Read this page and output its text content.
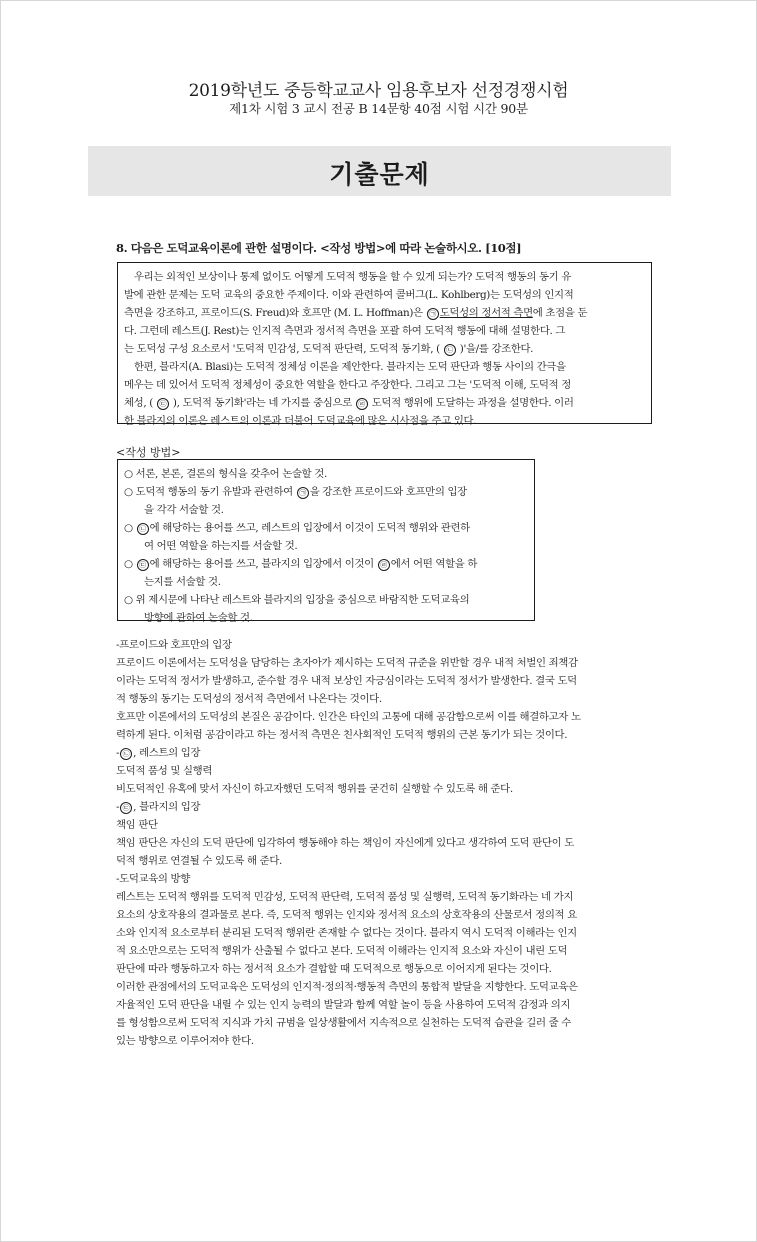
2019학년도 중등학교교사 임용후보자 선정경쟁시험
제1차 시험 3 교시 전공 B 14문항 40점 시험 시간 90분
기출문제
8. 다음은 도덕교육이론에 관한 설명이다. <작성 방법>에 따라 논술하시오. [10점]
우리는 외적인 보상이나 통제 없이도 어떻게 도덕적 행동을 할 수 있게 되는가? 도덕적 행동의 동기 유
발에 관한 문제는 도덕 교육의 중요한 주제이다. 이와 관련하여 콜버그(L. Kohlberg)는 도덕성의 인지적
측면을 강조하고, 프로이드(S. Freud)와 호프만 (M. L. Hoffman)은 ㉠ 도덕성의 정서적 측면에 초점을 둔
다. 그런데 레스트(J. Rest)는 인지적 측면과 정서적 측면을 포괄 하여 도덕적 행동에 대해 설명한다. 그
는 도덕성 구성 요소로서 '도덕적 민감성, 도덕적 판단력, 도덕적 동기화, ( ㉡ )'을/를 강조한다.
한편, 블라지(A. Blasi)는 도덕적 정체성 이론을 제안한다. 블라지는 도덕 판단과 행동 사이의 간극을
메우는 데 있어서 도덕적 정체성이 중요한 역할을 한다고 주장한다. 그리고 그는 '도덕적 이해, 도덕적 정
체성, ( ㉢ ), 도덕적 동기화'라는 네 가지를 중심으로 ㉣ 도덕적 행위에 도달하는 과정을 설명한다. 이러
한 블라지의 이론은 레스트의 이론과 더불어 도덕교육에 많은 시사점을 주고 있다.
<작성 방법>
○ 서론, 본론, 결론의 형식을 갖추어 논술할 것.
○ 도덕적 행동의 동기 유발과 관련하여 ㉠ 을 강조한 프로이드와 호프만의 입장
을 각각 서술할 것.
○ ㉡ 에 해당하는 용어를 쓰고, 레스트의 입장에서 이것이 도덕적 행위와 관련하
여 어떤 역할을 하는지를 서술할 것.
○ ㉢ 에 해당하는 용어를 쓰고, 블라지의 입장에서 이것이 ㉣ 에서 어떤 역할을 하
는지를 서술할 것.
○ 위 제시문에 나타난 레스트와 블라지의 입장을 중심으로 바람직한 도덕교육의
방향에 관하여 논술할 것.
-프로이드와 호프만의 입장
프로이드 이론에서는 도덕성을 담당하는 초자아가 제시하는 도덕적 규준을 위반할 경우 내적 처벌인 죄책감
이라는 도덕적 정서가 발생하고, 준수할 경우 내적 보상인 자긍심이라는 도덕적 정서가 발생한다. 결국 도덕
적 행동의 동기는 도덕성의 정서적 측면에서 나온다는 것이다.
호프만 이론에서의 도덕성의 본질은 공감이다. 인간은 타인의 고통에 대해 공감함으로써 이를 해결하고자 노
력하게 된다. 이처럼 공감이라고 하는 정서적 측면은 친사회적인 도덕적 행위의 근본 동기가 되는 것이다.
- ㉡ , 레스트의 입장
도덕적 품성 및 실행력
비도덕적인 유혹에 맞서 자신이 하고자했던 도덕적 행위를 굳건히 실행할 수 있도록 해 준다.
- ㉢ , 블라지의 입장
책임 판단
책임 판단은 자신의 도덕 판단에 입각하여 행동해야 하는 책임이 자신에게 있다고 생각하여 도덕 판단이 도
덕적 행위로 연결될 수 있도록 해 준다.
-도덕교육의 방향
레스트는 도덕적 행위를 도덕적 민감성, 도덕적 판단력, 도덕적 품성 및 실행력, 도덕적 동기화라는 네 가지
요소의 상호작용의 결과물로 본다. 즉, 도덕적 행위는 인지와 정서적 요소의 상호작용의 산물로서 정의적 요
소와 인지적 요소로부터 분리된 도덕적 행위란 존재할 수 없다는 것이다. 블라지 역시 도덕적 이해라는 인지
적 요소만으로는 도덕적 행위가 산출될 수 없다고 본다. 도덕적 이해라는 인지적 요소와 자신이 내린 도덕
판단에 따라 행동하고자 하는 정서적 요소가 결합할 때 도덕적으로 행동으로 이어지게 된다는 것이다.
이러한 관점에서의 도덕교육은 도덕성의 인지적·정의적·행동적 측면의 통합적 발달을 지향한다. 도덕교육은
자율적인 도덕 판단을 내릴 수 있는 인지 능력의 발달과 함께 역할 놀이 등을 사용하여 도덕적 감정과 의지
를 형성함으로써 도덕적 지식과 가치 규범을 일상생활에서 지속적으로 실천하는 도덕적 습관을 길러 줄 수
있는 방향으로 이루어져야 한다.
